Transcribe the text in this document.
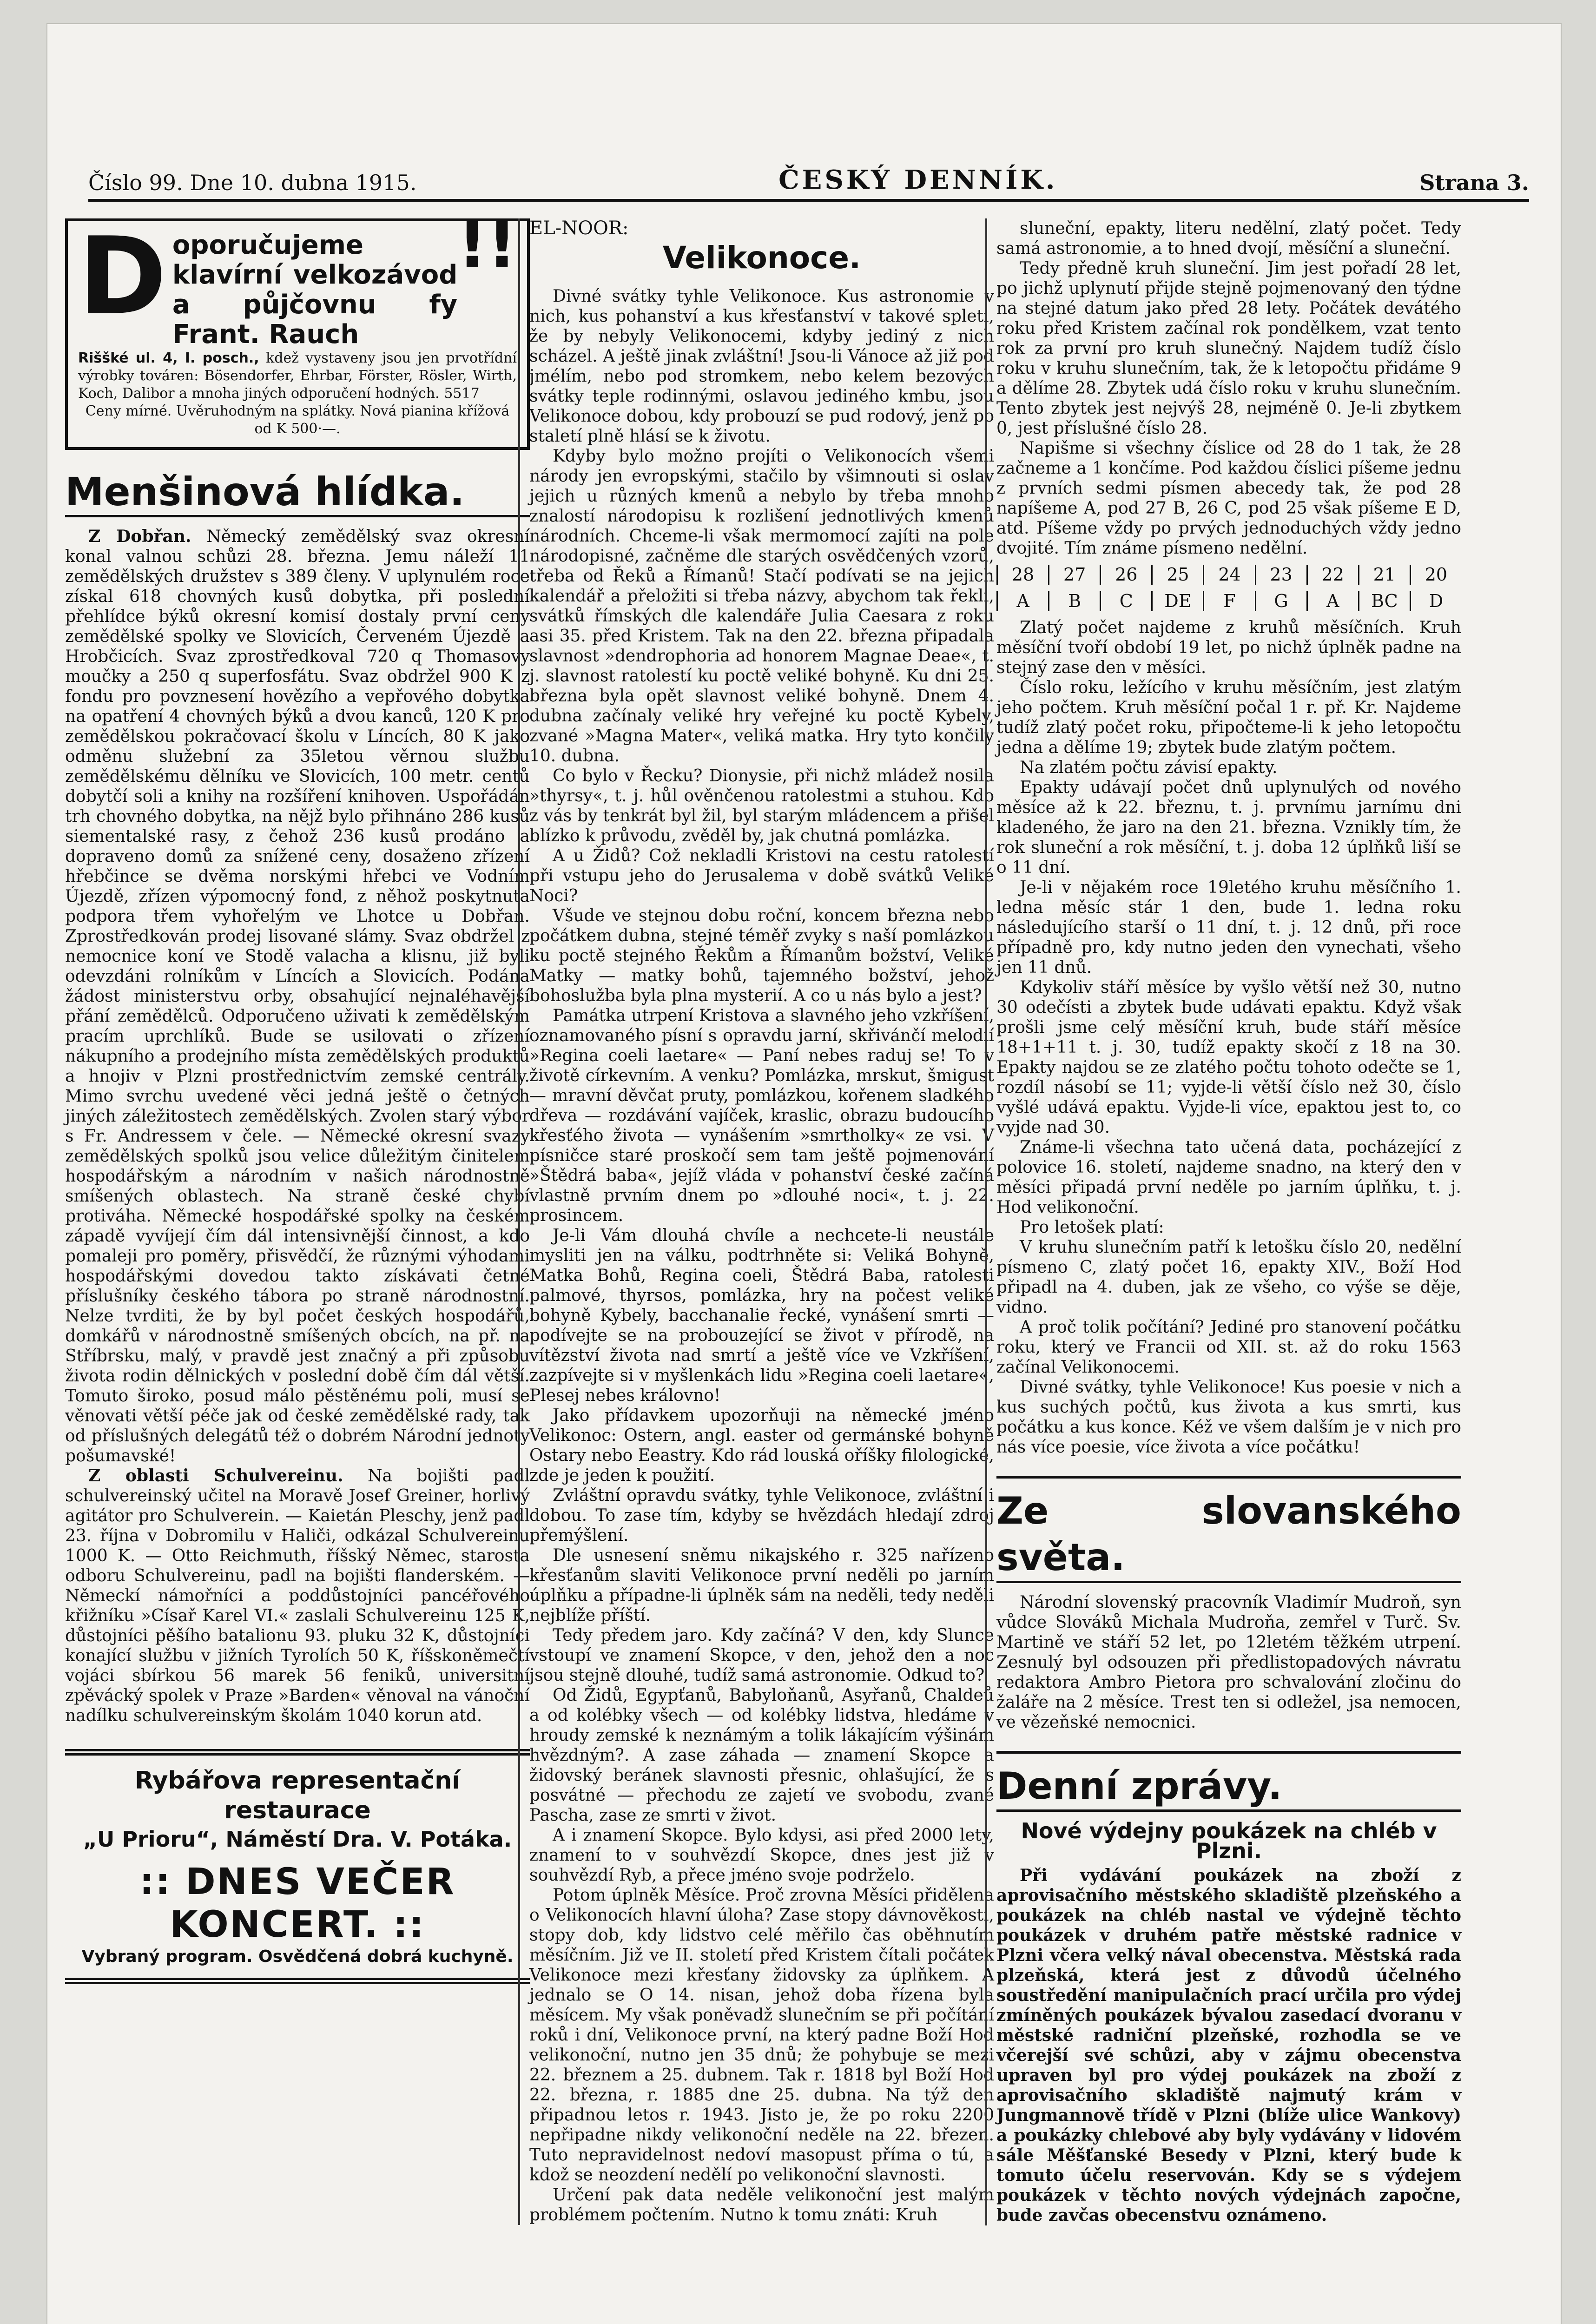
Číslo 99. Dne 10. dubna 1915.	ČESKÝ DENNÍK.	Strana 3.
D oporučujeme klavírní velkozávod a půjčovnu fy Frant. Rauch
!!
Riššké ul. 4, I. posch., kdež vystaveny jsou jen prvotřídní výrobky továren: Bösendorfer, Ehrbar, Förster, Rösler, Wirth, Koch, Dalibor a mnoha jiných odporučení hodných. 5517
Ceny mírné. Uvěruhodným na splátky. Nová pianina křížová od K 500·—.
Menšinová hlídka.

Z Dobřan. Německý zemědělský svaz okresní konal valnou schůzi 28. března. Jemu náleží 11 zemědělských družstev s 389 členy. V uplynulém roce získal 618 chovných kusů dobytka, při poslední přehlídce býků okresní komisí dostaly první ceny zemědělské spolky ve Slovicích, Červeném Újezdě a Hrobčicích. Svaz zprostředkoval 720 q Thomasovy moučky a 250 q superfosfátu. Svaz obdržel 900 K z fondu pro povznesení hovězího a vepřového dobytka na opatření 4 chovných býků a dvou kanců, 120 K pro zemědělskou pokračovací školu v Líncích, 80 K jako odměnu služební za 35letou věrnou službu zemědělskému dělníku ve Slovicích, 100 metr. centů dobytčí soli a knihy na rozšíření knihoven. Uspořádán trh chovného dobytka, na nějž bylo přihnáno 286 kusů siementalské rasy, z čehož 236 kusů prodáno a dopraveno domů za snížené ceny, dosaženo zřízení hřebčince se dvěma norskými hřebci ve Vodním Újezdě, zřízen výpomocný fond, z něhož poskytnuta podpora třem vyhořelým ve Lhotce u Dobřan. Zprostředkován prodej lisované slámy. Svaz obdržel z nemocnice koní ve Stodě valacha a klisnu, již byli odevzdáni rolníkům v Líncích a Slovicích. Podána žádost ministerstvu orby, obsahující nejnaléhavější přání zemědělců. Odporučeno uživati k zemědělským pracím uprchlíků. Bude se usilovati o zřízení nákupního a prodejního místa zemědělských produktů a hnojiv v Plzni prostřednictvím zemské centrály. Mimo svrchu uvedené věci jedná ještě o četných jiných záležitostech zemědělských. Zvolen starý výbor s Fr. Andressem v čele. — Německé okresní svazy zemědělských spolků jsou velice důležitým činitelem hospodářským a národním v našich národnostně smíšených oblastech. Na straně české chybí protiváha. Německé hospodářské spolky na českém západě vyvíjejí čím dál intensivnější činnost, a kdo pomaleji pro poměry, přisvědčí, že různými výhodami hospodářskými dovedou takto získávati četné příslušníky českého tábora po straně národnostní. Nelze tvrditi, že by byl počet českých hospodářů, domkářů v národnostně smíšených obcích, na př. na Stříbrsku, malý, v pravdě jest značný a při způsobu života rodin dělnických v poslední době čím dál větší. Tomuto široko, posud málo pěstěnému poli, musí se věnovati větší péče jak od české zemědělské rady, tak od příslušných delegátů též o dobrém Národní jednoty pošumavské!

Z oblasti Schulvereinu. Na bojišti padl schulvereinský učitel na Moravě Josef Greiner, horlivý agitátor pro Schulverein. — Kaietán Pleschy, jenž padl 23. října v Dobromilu v Haliči, odkázal Schulvereinu 1000 K. — Otto Reichmuth, říšský Němec, starosta odboru Schulvereinu, padl na bojišti flanderském. — Německí námořníci a poddůstojníci pancéřového křižníku »Císař Karel VI.« zaslali Schulvereinu 125 K, důstojníci pěšího batalionu 93. pluku 32 K, důstojníci konající službu v jižních Tyrolích 50 K, říšskoněmečtí vojáci sbírkou 56 marek 56 feniků, universitní zpěvácký spolek v Praze »Barden« věnoval na vánoční nadílku schulvereinským školám 1040 korun atd.

Rybářova representační restaurace
„U Prioru“, Náměstí Dra. V. Potáka.
:: DNES VEČER KONCERT. ::
Vybraný program. Osvědčená dobrá kuchyně.
EL-NOOR:
Velikonoce.

Divné svátky tyhle Velikonoce. Kus astronomie v nich, kus pohanství a kus křesťanství v takové spleti, že by nebyly Velikonocemi, kdyby jediný z nich scházel. A ještě jinak zvláštní! Jsou-li Vánoce až již pod jmélím, nebo pod stromkem, nebo kelem bezových svátky teple rodinnými, oslavou jediného kmbu, jsou Velikonoce dobou, kdy probouzí se pud rodový, jenž po staletí plně hlásí se k životu.

Kdyby bylo možno projíti o Velikonocích všemi národy jen evropskými, stačilo by všimnouti si oslav jejich u různých kmenů a nebylo by třeba mnoho znalostí národopisu k rozlišení jednotlivých kmenů národních. Chceme-li však mermomocí zajíti na pole národopisné, začněme dle starých osvědčených vzorů, třeba od Řeků a Římanů! Stačí podívati se na jejich kalendář a přeložiti si třeba názvy, abychom tak řekli, svátků římských dle kalendáře Julia Caesara z roku asi 35. před Kristem. Tak na den 22. března připadala slavnost »dendrophoria ad honorem Magnae Deae«, t. j. slavnost ratolestí ku poctě veliké bohyně. Ku dni 25. března byla opět slavnost veliké bohyně. Dnem 4. dubna začínaly veliké hry veřejné ku poctě Kybely, zvané »Magna Mater«, veliká matka. Hry tyto končily 10. dubna.

Co bylo v Řecku? Dionysie, při nichž mládež nosila »thyrsy«, t. j. hůl ověnčenou ratolestmi a stuhou. Kdo z vás by tenkrát byl žil, byl starým mládencem a přišel blízko k průvodu, zvěděl by, jak chutná pomlázka.

A u Židů? Což nekladli Kristovi na cestu ratolestí při vstupu jeho do Jerusalema v době svátků Veliké Noci?

Všude ve stejnou dobu roční, koncem března nebo počátkem dubna, stejné téměř zvyky s naší pomlázkou ku poctě stejného Řekům a Římanům božství, Veliké Matky — matky bohů, tajemného božství, jehož bohoslužba byla plna mysterií. A co u nás bylo a jest?

Památka utrpení Kristova a slavného jeho vzkříšení, oznamovaného písní s opravdu jarní, skřivánčí melodií »Regina coeli laetare« — Paní nebes raduj se! To v životě církevním. A venku? Pomlázka, mrskut, šmigust — mravní děvčat pruty, pomlázkou, kořenem sladkého dřeva — rozdávání vajíček, kraslic, obrazu budoucího křesťého života — vynášením »smrtholky« ze vsi. V písničce staré proskočí sem tam ještě pojmenování »Štědrá baba«, jejíž vláda v pohanství české začíná vlastně prvním dnem po »dlouhé noci«, t. j. 22. prosincem.

Je-li Vám dlouhá chvíle a nechcete-li neustále mysliti jen na válku, podtrhněte si: Veliká Bohyně, Matka Bohů, Regina coeli, Štědrá Baba, ratolesti palmové, thyrsos, pomlázka, hry na počest veliké bohyně Kybely, bacchanalie řecké, vynášení smrti — podívejte se na probouzející se život v přírodě, na vítězství života nad smrtí a ještě více ve Vzkříšení, zazpívejte si v myšlenkách lidu »Regina coeli laetare«, Plesej nebes královno!

Jako přídavkem upozorňuji na německé jméno Velikonoc: Ostern, angl. easter od germánské bohyně Ostary nebo Eeastry. Kdo rád louská oříšky filologické, zde je jeden k použití.

Zvláštní opravdu svátky, tyhle Velikonoce, zvláštní i dobou. To zase tím, kdyby se hvězdách hledají zdroj přemýšlení.

Dle usnesení sněmu nikajského r. 325 nařízeno křesťanům slaviti Velikonoce první neděli po jarním úplňku a případne-li úplněk sám na neděli, tedy neděli nejblíže příští.

Tedy předem jaro. Kdy začíná? V den, kdy Slunce vstoupí ve znamení Skopce, v den, jehož den a noc jsou stejně dlouhé, tudíž samá astronomie. Odkud to?

Od Židů, Egypťanů, Babyloňanů, Asyřanů, Chaldeů a od kolébky všech — od kolébky lidstva, hledáme v hroudy zemské k neznámým a tolik lákajícím výšinám hvězdným?. A zase záhada — znamení Skopce a židovský beránek slavnosti přesnic, ohlašující, že s posvátné — přechodu ze zajetí ve svobodu, zvané Pascha, zase ze smrti v život.

A i znamení Skopce. Bylo kdysi, asi před 2000 lety, znamení to v souhvězdí Skopce, dnes jest již v souhvězdí Ryb, a přece jméno svoje podrželo.

Potom úplněk Měsíce. Proč zrovna Měsíci přidělena o Velikonocích hlavní úloha? Zase stopy dávnověkosti, stopy dob, kdy lidstvo celé měřilo čas oběhnutím měsíčním. Již ve II. století před Kristem čítali počátek Velikonoce mezi křesťany židovsky za úplňkem. A jednalo se O 14. nisan, jehož doba řízena byla měsícem. My však poněvadž slunečním se při počítání roků i dní, Velikonoce první, na který padne Boží Hod velikonoční, nutno jen 35 dnů; že pohybuje se mezi 22. březnem a 25. dubnem. Tak r. 1818 byl Boží Hod 22. března, r. 1885 dne 25. dubna. Na týž den připadnou letos r. 1943. Jisto je, že po roku 2200 nepřipadne nikdy velikonoční neděle na 22. březen. Tuto nepravidelnost nedoví masopust příma o tú, a kdož se neozdení nedělí po velikonoční slavnosti.

Určení pak data neděle velikonoční jest malým problémem počtením. Nutno k tomu znáti: Kruh

sluneční, epakty, literu nedělní, zlatý počet. Tedy samá astronomie, a to hned dvojí, měsíční a sluneční.

Tedy předně kruh sluneční. Jim jest pořadí 28 let, po jichž uplynutí přijde stejně pojmenovaný den týdne na stejné datum jako před 28 lety. Počátek devátého roku před Kristem začínal rok pondělkem, vzat tento rok za první pro kruh slunečný. Najdem tudíž číslo roku v kruhu slunečním, tak, že k letopočtu přidáme 9 a dělíme 28. Zbytek udá číslo roku v kruhu slunečním. Tento zbytek jest nejvýš 28, nejméně 0. Je-li zbytkem 0, jest příslušné číslo 28.

Napišme si všechny číslice od 28 do 1 tak, že 28 začneme a 1 končíme. Pod každou číslici píšeme jednu z prvních sedmi písmen abecedy tak, že pod 28 napíšeme A, pod 27 B, 26 C, pod 25 však píšeme E D, atd. Píšeme vždy po prvých jednoduchých vždy jedno dvojité. Tím známe písmeno nedělní.

28	27	26	25	24	23	22	21	20
A	B	C	DE	F	G	A	BC	D

Zlatý počet najdeme z kruhů měsíčních. Kruh měsíční tvoří období 19 let, po nichž úplněk padne na stejný zase den v měsíci.

Číslo roku, ležícího v kruhu měsíčním, jest zlatým jeho počtem. Kruh měsíční počal 1 r. př. Kr. Najdeme tudíž zlatý počet roku, připočteme-li k jeho letopočtu jedna a dělíme 19; zbytek bude zlatým počtem.

Na zlatém počtu závisí epakty.

Epakty udávají počet dnů uplynulých od nového měsíce až k 22. březnu, t. j. prvnímu jarnímu dni kladeného, že jaro na den 21. března. Vznikly tím, že rok sluneční a rok měsíční, t. j. doba 12 úplňků liší se o 11 dní.

Je-li v nějakém roce 19letého kruhu měsíčního 1. ledna měsíc stár 1 den, bude 1. ledna roku následujícího starší o 11 dní, t. j. 12 dnů, při roce případně pro, kdy nutno jeden den vynechati, všeho jen 11 dnů.

Kdykoliv stáří měsíce by vyšlo větší než 30, nutno 30 odečísti a zbytek bude udávati epaktu. Když však prošli jsme celý měsíční kruh, bude stáří měsíce 18+1+11 t. j. 30, tudíž epakty skočí z 18 na 30. Epakty najdou se ze zlatého počtu tohoto odečte se 1, rozdíl násobí se 11; vyjde-li větší číslo než 30, číslo vyšlé udává epaktu. Vyjde-li více, epaktou jest to, co vyjde nad 30.

Známe-li všechna tato učená data, pocházející z polovice 16. století, najdeme snadno, na který den v měsíci připadá první neděle po jarním úplňku, t. j. Hod velikonoční.

Pro letošek platí:

V kruhu slunečním patří k letošku číslo 20, nedělní písmeno C, zlatý počet 16, epakty XIV., Boží Hod připadl na 4. duben, jak ze všeho, co výše se děje, vidno.

A proč tolik počítání? Jediné pro stanovení počátku roku, který ve Francii od XII. st. až do roku 1563 začínal Velikonocemi.

Divné svátky, tyhle Velikonoce! Kus poesie v nich a kus suchých počtů, kus života a kus smrti, kus počátku a kus konce. Kéž ve všem dalším je v nich pro nás více poesie, více života a více počátku!

Ze slovanského světa.

Národní slovenský pracovník Vladimír Mudroň, syn vůdce Slováků Michala Mudroňa, zemřel v Turč. Sv. Martině ve stáří 52 let, po 12letém těžkém utrpení. Zesnulý byl odsouzen při předlistopadových návratu redaktora Ambro Pietora pro schvalování zločinu do žaláře na 2 měsíce. Trest ten si odležel, jsa nemocen, ve vězeňské nemocnici.

Denní zprávy.
Nové výdejny poukázek na chléb v Plzni.

Při vydávání poukázek na zboží z aprovisačního městského skladiště plzeňského a poukázek na chléb nastal ve výdejně těchto poukázek v druhém patře městské radnice v Plzni včera velký nával obecenstva. Městská rada plzeňská, která jest z důvodů účelného soustředění manipulačních prací určila pro výdej zmíněných poukázek bývalou zasedací dvoranu v městské radniční plzeňské, rozhodla se ve včerejší své schůzi, aby v zájmu obecenstva upraven byl pro výdej poukázek na zboží z aprovisačního skladiště najmutý krám v Jungmannově třídě v Plzni (blíže ulice Wankovy) a poukázky chlebové aby byly vydávány v lidovém sále Měšťanské Besedy v Plzni, který bude k tomuto účelu reservován. Kdy se s výdejem poukázek v těchto nových výdejnách započne, bude zavčas obecenstvu oznámeno.
